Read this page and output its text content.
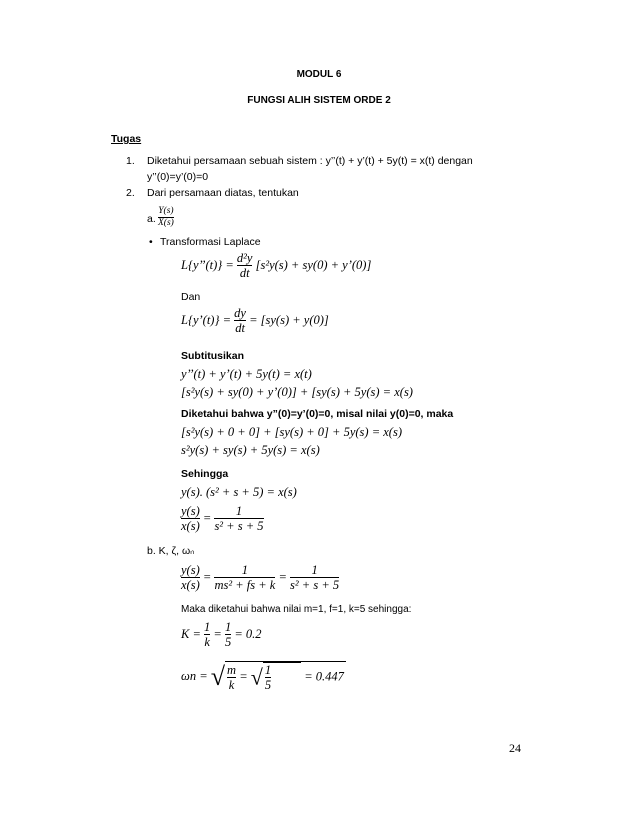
MODUL 6
FUNGSI ALIH SISTEM ORDE 2
Tugas
1. Diketahui persamaan sebuah sistem : y’’(t) + y’(t) + 5y(t) = x(t) dengan
y’’(0)=y’(0)=0
2. Dari persamaan diatas, tentukan
a. $\frac{Y(s)}{X(s)}$
• Transformasi Laplace
L{y’’(t)} = $\frac{\text{d²y}}{dt} [s^2y(s) + sy(0)$ + y’(0)]
Dan
L{y’(t)} = $\frac{dy}{dt} = [sy(s) + y(0)]$
Subtitusikan
y’’(t) + y’(t) + 5y(t) = x(t)
[s²y(s) + sy(0) + y’(0)] + [sy(s) + 5y(s) = x(s)
Diketahui bahwa y”(0)=y’(0)=0, misal nilai y(0)=0, maka
[s²y(s) + 0 + 0] + [sy(s) + 0] + 5y(s) = x(s)
s²y(s) + sy(s) + 5y(s) = x(s)
Sehingga
y(s). (s² + s + 5) = x(s)
$\frac{y(s)}{x(s)} = \frac{1}{\text{s² + s + 5}}$
b. K, ζ, ωₙ
$\frac{y(s)}{x(s)} = \frac{1}{\text{ms² + fs + k}} = \frac{1}{\text{s² + s + 5}}$
Maka diketahui bahwa nilai m=1, f=1, k=5 sehingga:
$K = \frac{1}{k} = \frac{1}{5} = 0.2$
ωn = √ $\frac{m}{k}$ = √ $\frac{1}{5}$	= 0.447
24
